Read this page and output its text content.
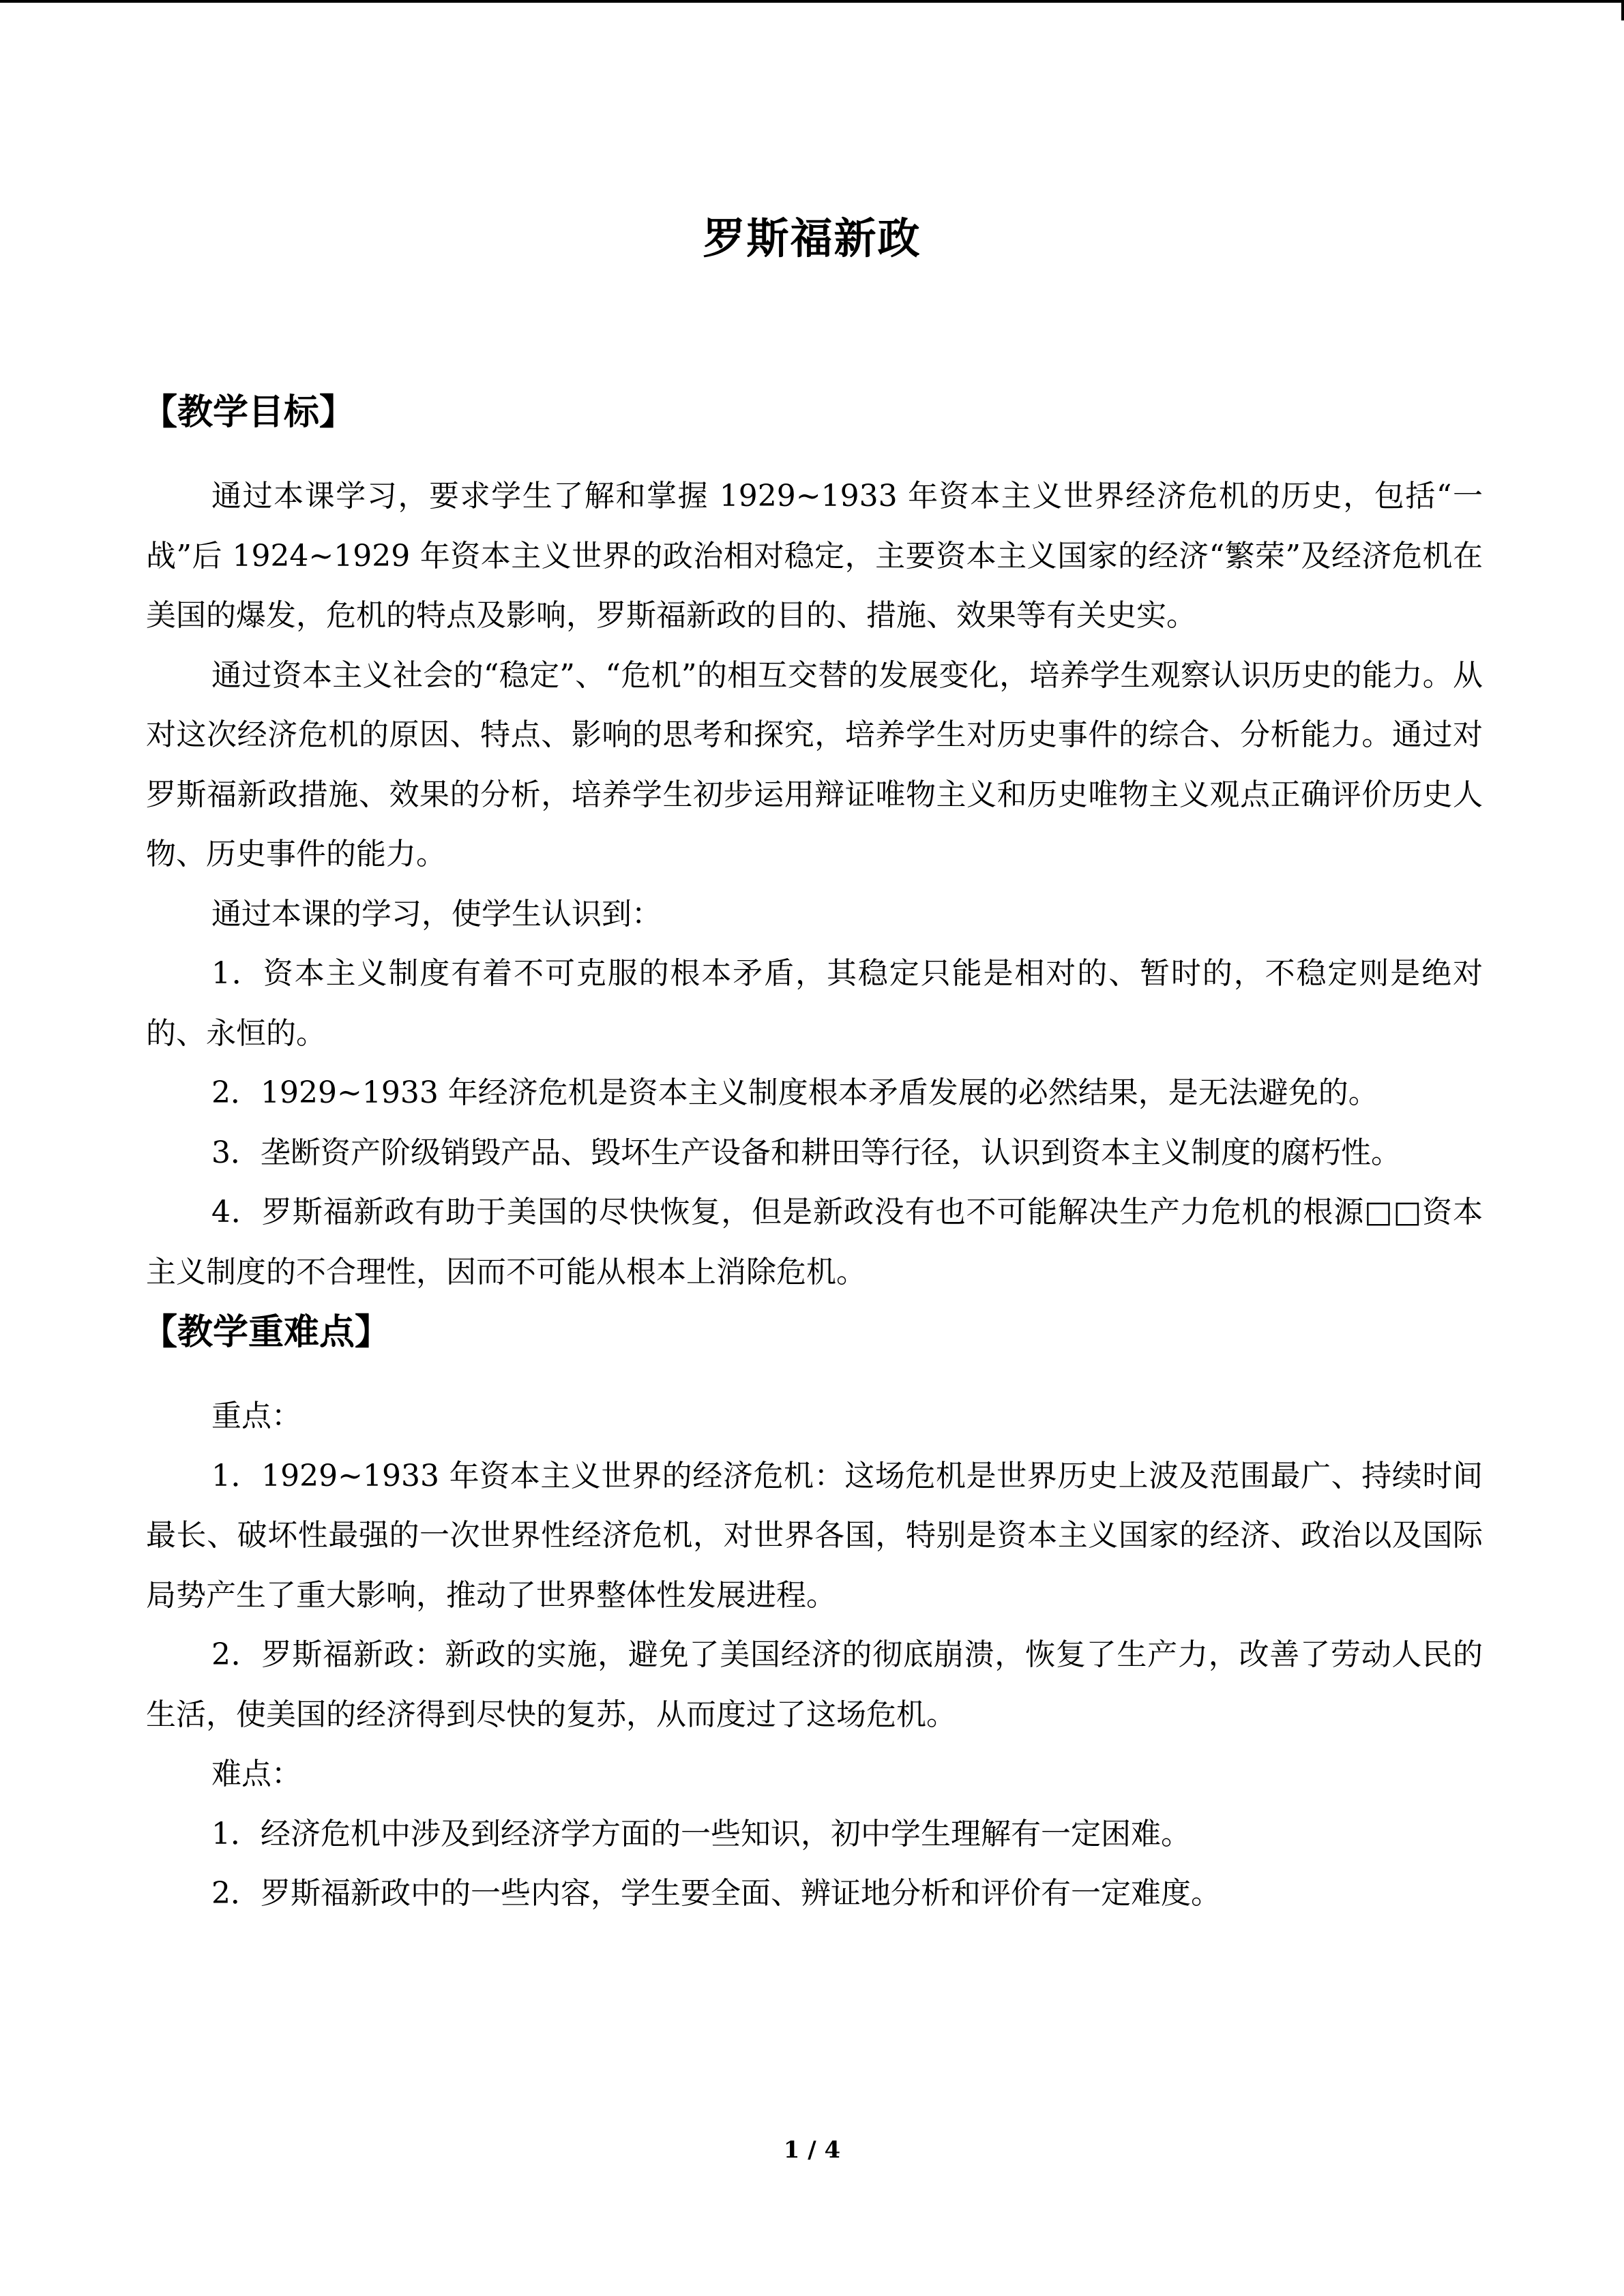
罗斯福新政
【教学目标】

通过本课学习，要求学生了解和掌握 1929~1933 年资本主义世界经济危机的历史，包括“一战”后 1924~1929 年资本主义世界的政治相对稳定，主要资本主义国家的经济“繁荣”及经济危机在美国的爆发，危机的特点及影响，罗斯福新政的目的、措施、效果等有关史实。

通过资本主义社会的“稳定”、“危机”的相互交替的发展变化，培养学生观察认识历史的能力。从对这次经济危机的原因、特点、影响的思考和探究，培养学生对历史事件的综合、分析能力。通过对罗斯福新政措施、效果的分析，培养学生初步运用辩证唯物主义和历史唯物主义观点正确评价历史人物、历史事件的能力。

通过本课的学习，使学生认识到：

1．资本主义制度有着不可克服的根本矛盾，其稳定只能是相对的、暂时的，不稳定则是绝对的、永恒的。

2．1929~1933 年经济危机是资本主义制度根本矛盾发展的必然结果，是无法避免的。

3．垄断资产阶级销毁产品、毁坏生产设备和耕田等行径，认识到资本主义制度的腐朽性。

4．罗斯福新政有助于美国的尽快恢复，但是新政没有也不可能解决生产力危机的根源□□资本主义制度的不合理性，因而不可能从根本上消除危机。

【教学重难点】

重点：

1．1929~1933 年资本主义世界的经济危机：这场危机是世界历史上波及范围最广、持续时间最长、破坏性最强的一次世界性经济危机，对世界各国，特别是资本主义国家的经济、政治以及国际局势产生了重大影响，推动了世界整体性发展进程。

2．罗斯福新政：新政的实施，避免了美国经济的彻底崩溃，恢复了生产力，改善了劳动人民的生活，使美国的经济得到尽快的复苏，从而度过了这场危机。

难点：

1．经济危机中涉及到经济学方面的一些知识，初中学生理解有一定困难。

2．罗斯福新政中的一些内容，学生要全面、辨证地分析和评价有一定难度。

1 / 4
